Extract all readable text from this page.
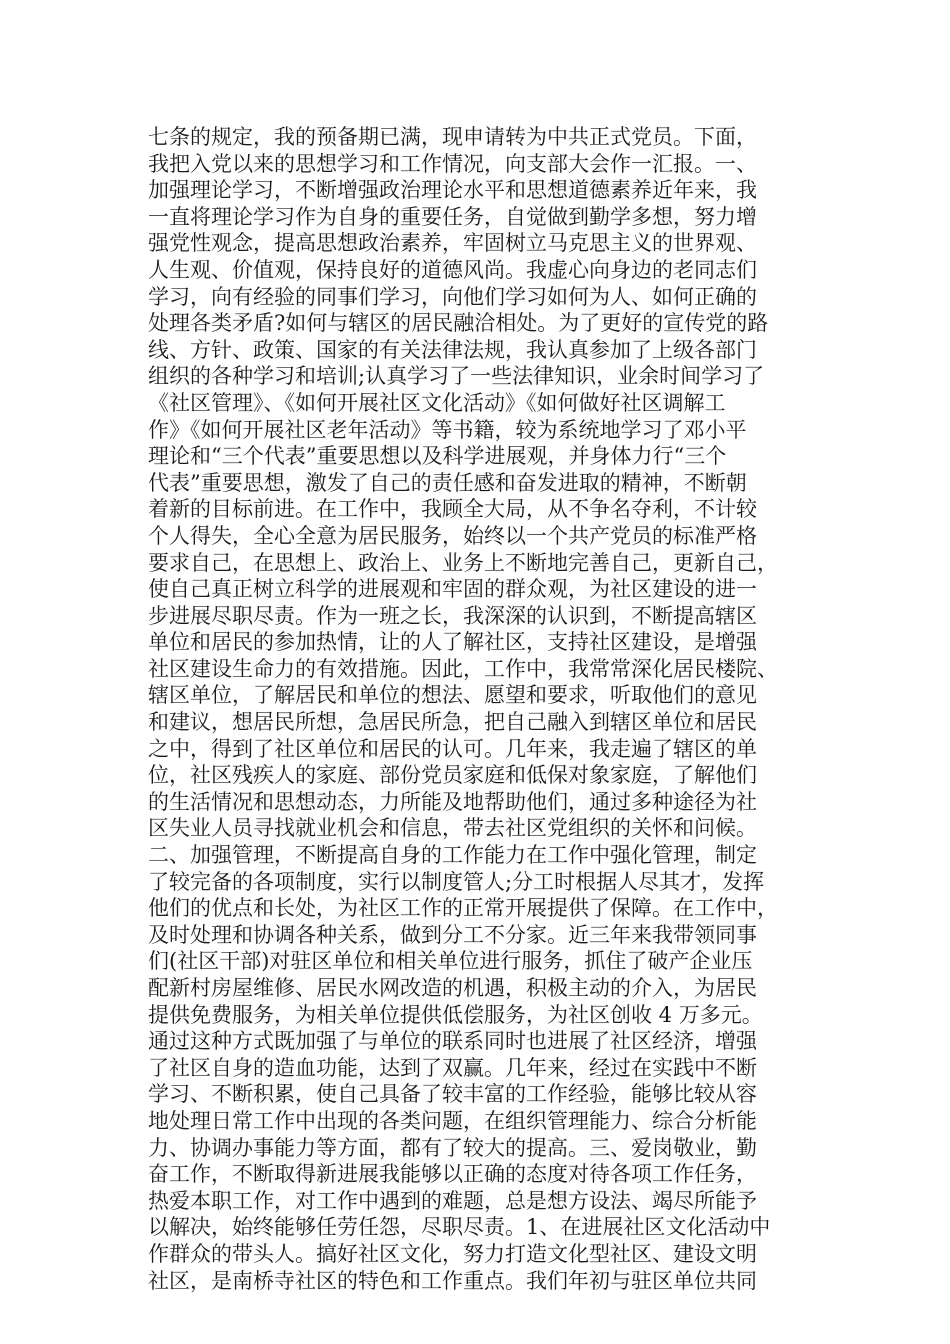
七条的规定，我的预备期已满，现申请转为中共正式党员。下面，
我把入党以来的思想学习和工作情况，向支部大会作一汇报。一、
加强理论学习，不断增强政治理论水平和思想道德素养近年来，我
一直将理论学习作为自身的重要任务，自觉做到勤学多想，努力增
强党性观念，提高思想政治素养，牢固树立马克思主义的世界观、
人生观、价值观，保持良好的道德风尚。我虚心向身边的老同志们
学习，向有经验的同事们学习，向他们学习如何为人、如何正确的
处理各类矛盾?如何与辖区的居民融洽相处。为了更好的宣传党的路
线、方针、政策、国家的有关法律法规，我认真参加了上级各部门
组织的各种学习和培训;认真学习了一些法律知识，业余时间学习了
《社区管理》、《如何开展社区文化活动》《如何做好社区调解工
作》《如何开展社区老年活动》等书籍，较为系统地学习了邓小平
理论和“三个代表”重要思想以及科学进展观，并身体力行“三个
代表”重要思想，激发了自己的责任感和奋发进取的精神，不断朝
着新的目标前进。在工作中，我顾全大局，从不争名夺利，不计较
个人得失，全心全意为居民服务，始终以一个共产党员的标准严格
要求自己，在思想上、政治上、业务上不断地完善自己，更新自己，
使自己真正树立科学的进展观和牢固的群众观，为社区建设的进一
步进展尽职尽责。作为一班之长，我深深的认识到，不断提高辖区
单位和居民的参加热情，让的人了解社区，支持社区建设，是增强
社区建设生命力的有效措施。因此，工作中，我常常深化居民楼院、
辖区单位，了解居民和单位的想法、愿望和要求，听取他们的意见
和建议，想居民所想，急居民所急，把自己融入到辖区单位和居民
之中，得到了社区单位和居民的认可。几年来，我走遍了辖区的单
位，社区残疾人的家庭、部份党员家庭和低保对象家庭，了解他们
的生活情况和思想动态，力所能及地帮助他们，通过多种途径为社
区失业人员寻找就业机会和信息，带去社区党组织的关怀和问候。
二、加强管理，不断提高自身的工作能力在工作中强化管理，制定
了较完备的各项制度，实行以制度管人;分工时根据人尽其才，发挥
他们的优点和长处，为社区工作的正常开展提供了保障。在工作中，
及时处理和协调各种关系，做到分工不分家。近三年来我带领同事
们(社区干部)对驻区单位和相关单位进行服务，抓住了破产企业压
配新村房屋维修、居民水网改造的机遇，积极主动的介入，为居民
提供免费服务，为相关单位提供低偿服务，为社区创收 4 万多元。
通过这种方式既加强了与单位的联系同时也进展了社区经济，增强
了社区自身的造血功能，达到了双赢。几年来，经过在实践中不断
学习、不断积累，使自己具备了较丰富的工作经验，能够比较从容
地处理日常工作中出现的各类问题，在组织管理能力、综合分析能
力、协调办事能力等方面，都有了较大的提高。三、爱岗敬业，勤
奋工作，不断取得新进展我能够以正确的态度对待各项工作任务，
热爱本职工作，对工作中遇到的难题，总是想方设法、竭尽所能予
以解决，始终能够任劳任怨，尽职尽责。1、在进展社区文化活动中
作群众的带头人。搞好社区文化，努力打造文化型社区、建设文明
社区，是南桥寺社区的特色和工作重点。我们年初与驻区单位共同
